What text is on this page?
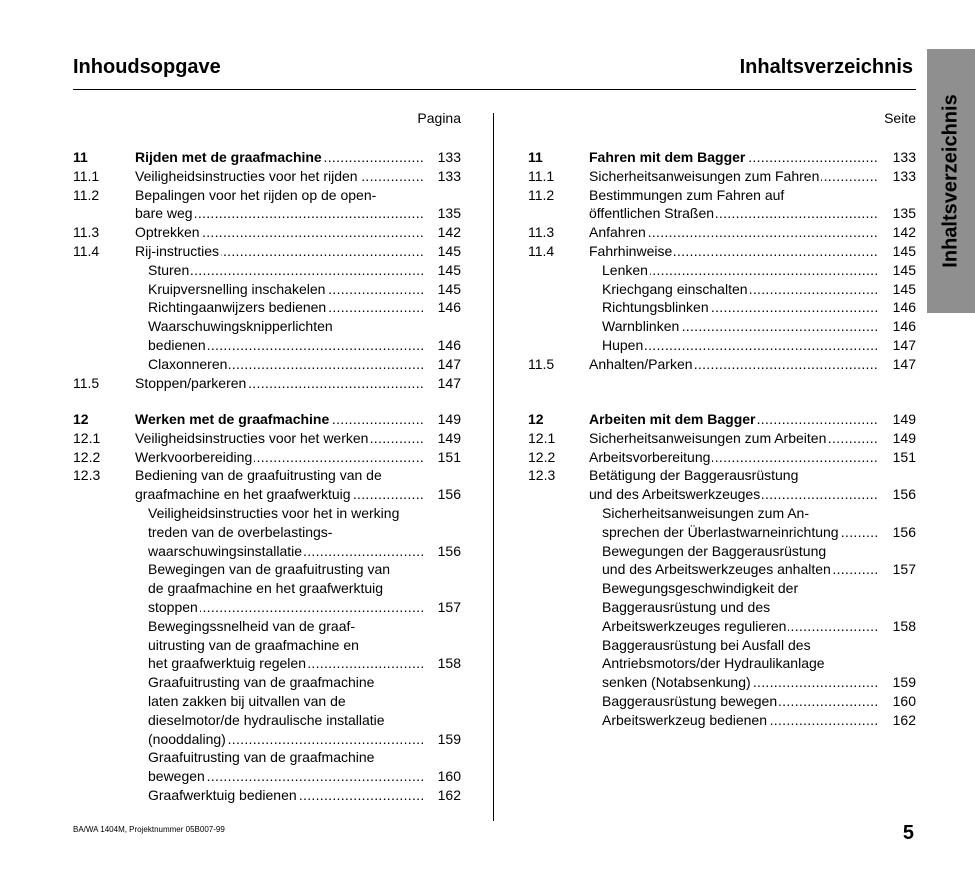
Inhoudsopgave	Inhaltsverzeichnis
Inhaltsverzeichnis
Pagina
11	Rijden met de graafmachine .....	133
11.1	Veiligheidsinstructies voor het rijden .....	133
11.2	Bepalingen voor het rijden op de open-
bare weg .....	135
11.3	Optrekken .....	142
11.4	Rij-instructies .....	145
Sturen .....	145
Kruipversnelling inschakelen .....	145
Richtingaanwijzers bedienen .....	146
Waarschuwingsknipperlichten
bedienen .....	146
Claxonneren .....	147
11.5	Stoppen/parkeren .....	147
12	Werken met de graafmachine .....	149
12.1 Veiligheidsinstructies voor het werken .....	149
12.2 Werkvoorbereiding .....	151
12.3 Bediening van de graafuitrusting van de
graafmachine en het graafwerktuig .....	156
Veiligheidsinstructies voor het in werking
treden van de overbelastings-
waarschuwingsinstallatie .....	156
Bewegingen van de graafuitrusting van
de graafmachine en het graafwerktuig
stoppen .....	157
Bewegingssnelheid van de graaf-
uitrusting van de graafmachine en
het graafwerktuig regelen .....	158
Graafuitrusting van de graafmachine
laten zakken bij uitvallen van de
dieselmotor/de hydraulische installatie
(nooddaling) .....	159
Graafuitrusting van de graafmachine
bewegen .....	160
Graafwerktuig bedienen .....	162
Seite
11	Fahren mit dem Bagger .....	133
11.1 Sicherheitsanweisungen zum Fahren .....	133
11.2 Bestimmungen zum Fahren auf
öffentlichen Straßen .....	135
11.3 Anfahren .....	142
11.4 Fahrhinweise .....	145
Lenken .....	145
Kriechgang einschalten .....	145
Richtungsblinken .....	146
Warnblinken .....	146
Hupen .....	147
11.5 Anhalten/Parken .....	147
12	Arbeiten mit dem Bagger .....	149
12.1 Sicherheitsanweisungen zum Arbeiten .....	149
12.2 Arbeitsvorbereitung .....	151
12.3 Betätigung der Baggerausrüstung
und des Arbeitswerkzeuges .....	156
Sicherheitsanweisungen zum An-
sprechen der Überlastwarneinrichtung .....	156
Bewegungen der Baggerausrüstung
und des Arbeitswerkzeuges anhalten .....	157
Bewegungsgeschwindigkeit der
Baggerausrüstung und des
Arbeitswerkzeuges regulieren .....	158
Baggerausrüstung bei Ausfall des
Antriebsmotors/der Hydraulikanlage
senken (Notabsenkung) .....	159
Baggerausrüstung bewegen .....	160
Arbeitswerkzeug bedienen .....	162
BA/WA 1404M, Projektnummer 05B007-99	5
